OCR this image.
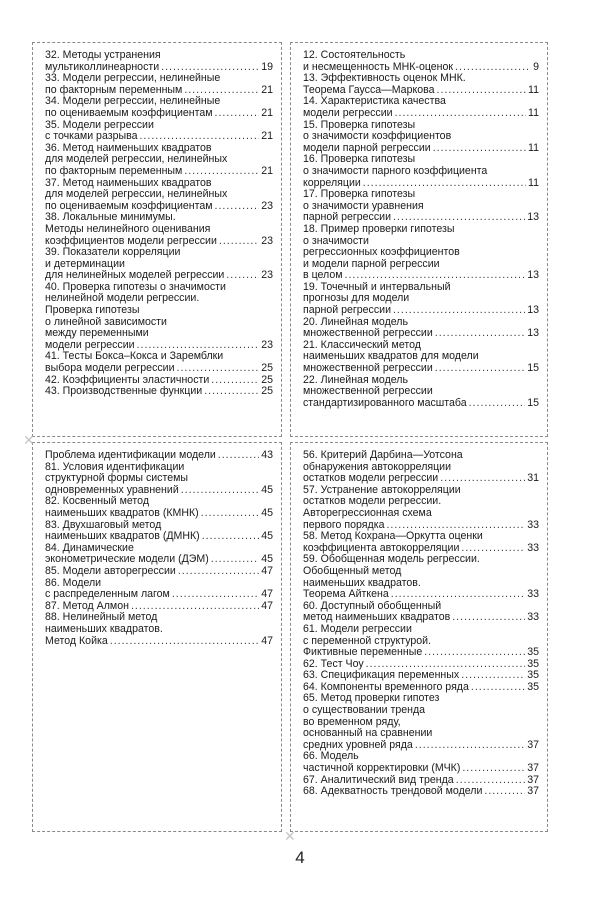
32. Методы устранения
мультиколлинеарности .....	19
33. Модели регрессии, нелинейные
по факторным переменным .....	21
34. Модели регрессии, нелинейные
по оцениваемым коэффициентам .....	21
35. Модели регрессии
с точками разрыва .....	21
36. Метод наименьших квадратов
для моделей регрессии, нелинейных
по факторным переменным .....	21
37. Метод наименьших квадратов
для моделей регрессии, нелинейных
по оцениваемым коэффициентам .....	23
38. Локальные минимумы.
Методы нелинейного оценивания
коэффициентов модели регрессии .....	23
39. Показатели корреляции
и детерминации
для нелинейных моделей регрессии .....	23
40. Проверка гипотезы о значимости
нелинейной модели регрессии.
Проверка гипотезы
о линейной зависимости
между переменными
модели регрессии .....	23
41. Тесты Бокса–Кокса и Заремблки
выбора модели регрессии .....	25
42. Коэффициенты эластичности .....	25
43. Производственные функции .....	25
12. Состоятельность
и несмещенность МНК-оценок .....	9
13. Эффективность оценок МНК.
Теорема Гаусса—Маркова .....	11
14. Характеристика качества
модели регрессии .....	11
15. Проверка гипотезы
о значимости коэффициентов
модели парной регрессии .....	11
16. Проверка гипотезы
о значимости парного коэффициента
корреляции .....	11
17. Проверка гипотезы
о значимости уравнения
парной регрессии .....	13
18. Пример проверки гипотезы
о значимости
регрессионных коэффициентов
и модели парной регрессии
в целом .....	13
19. Точечный и интервальный
прогнозы для модели
парной регрессии .....	13
20. Линейная модель
множественной регрессии .....	13
21. Классический метод
наименьших квадратов для модели
множественной регрессии .....	15
22. Линейная модель
множественной регрессии
стандартизированного масштаба .....	15
Проблема идентификации модели .....	43
81. Условия идентификации
структурной формы системы
одновременных уравнений .....	45
82. Косвенный метод
наименьших квадратов (КМНК) .....	45
83. Двухшаговый метод
наименьших квадратов (ДМНК) .....	45
84. Динамические
эконометрические модели (ДЭМ) .....	45
85. Модели авторегрессии .....	47
86. Модели
с распределенным лагом .....	47
87. Метод Алмон .....	47
88. Нелинейный метод
наименьших квадратов.
Метод Койка .....	47
56. Критерий Дарбина—Уотсона
обнаружения автокорреляции
остатков модели регрессии .....	31
57. Устранение автокорреляции
остатков модели регрессии.
Авторегрессионная схема
первого порядка .....	33
58. Метод Кохрана—Оркутта оценки
коэффициента автокорреляции .....	33
59. Обобщенная модель регрессии.
Обобщенный метод
наименьших квадратов.
Теорема Айткена .....	33
60. Доступный обобщенный
метод наименьших квадратов .....	33
61. Модели регрессии
с переменной структурой.
Фиктивные переменные .....	35
62. Тест Чоу .....	35
63. Спецификация переменных .....	35
64. Компоненты временного ряда .....	35
65. Метод проверки гипотез
о существовании тренда
во временном ряду,
основанный на сравнении
средних уровней ряда .....	37
66. Модель
частичной корректировки (МЧК) .....	37
67. Аналитический вид тренда .....	37
68. Адекватность трендовой модели .....	37
✕
✕
4
